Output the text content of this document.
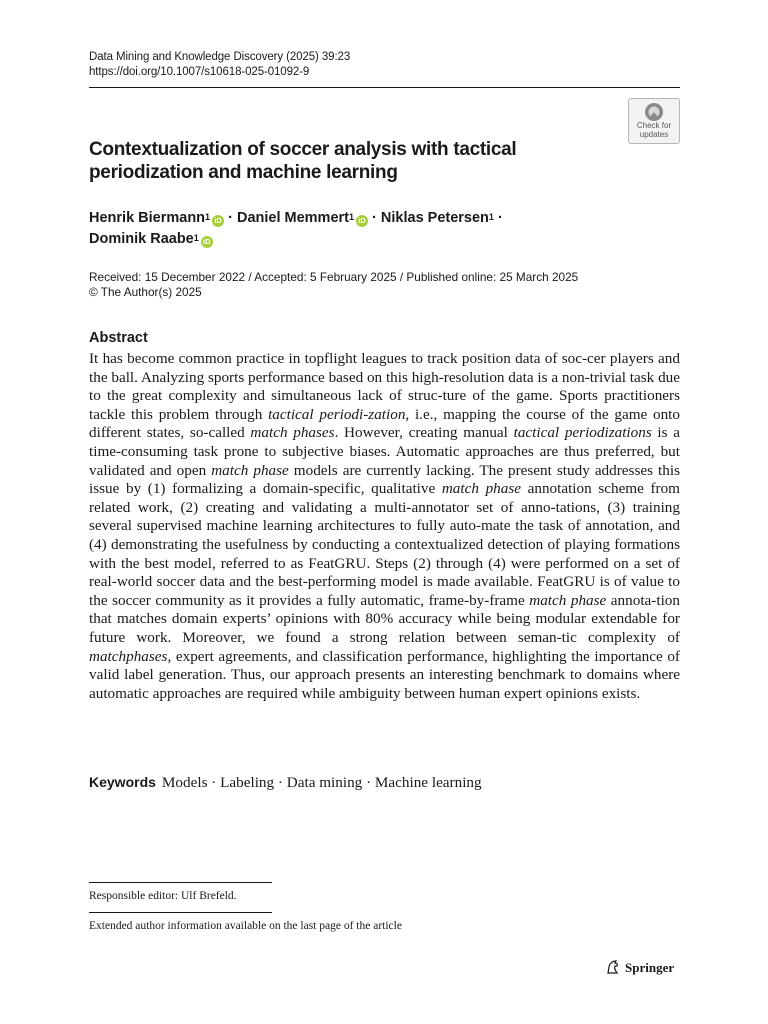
Data Mining and Knowledge Discovery (2025) 39:23
https://doi.org/10.1007/s10618-025-01092-9
Check for
updates
Contextualization of soccer analysis with tactical
periodization and machine learning
Henrik Biermann$^1$ iD · Daniel Memmert$^1$ iD · Niklas Petersen$^1$ ·
Dominik Raabe$^1$ iD
Received: 15 December 2022 / Accepted: 5 February 2025 / Published online: 25 March 2025
© The Author(s) 2025
Abstract
It has become common practice in topflight leagues to track position data of soc-cer players and the ball. Analyzing sports performance based on this high-resolution data is a non-trivial task due to the great complexity and simultaneous lack of struc-ture of the game. Sports practitioners tackle this problem through tactical periodi-zation, i.e., mapping the course of the game onto different states, so-called match phases. However, creating manual tactical periodizations is a time-consuming task prone to subjective biases. Automatic approaches are thus preferred, but validated and open match phase models are currently lacking. The present study addresses this issue by (1) formalizing a domain-specific, qualitative match phase annotation scheme from related work, (2) creating and validating a multi-annotator set of anno-tations, (3) training several supervised machine learning architectures to fully auto-mate the task of annotation, and (4) demonstrating the usefulness by conducting a contextualized detection of playing formations with the best model, referred to as FeatGRU. Steps (2) through (4) were performed on a set of real-world soccer data and the best-performing model is made available. FeatGRU is of value to the soccer community as it provides a fully automatic, frame-by-frame match phase annota-tion that matches domain experts’ opinions with 80% accuracy while being modular extendable for future work. Moreover, we found a strong relation between seman-tic complexity of matchphases, expert agreements, and classification performance, highlighting the importance of valid label generation. Thus, our approach presents an interesting benchmark to domains where automatic approaches are required while ambiguity between human expert opinions exists.
Keywords Models · Labeling · Data mining · Machine learning
Responsible editor: Ulf Brefeld.
Extended author information available on the last page of the article
Springer
